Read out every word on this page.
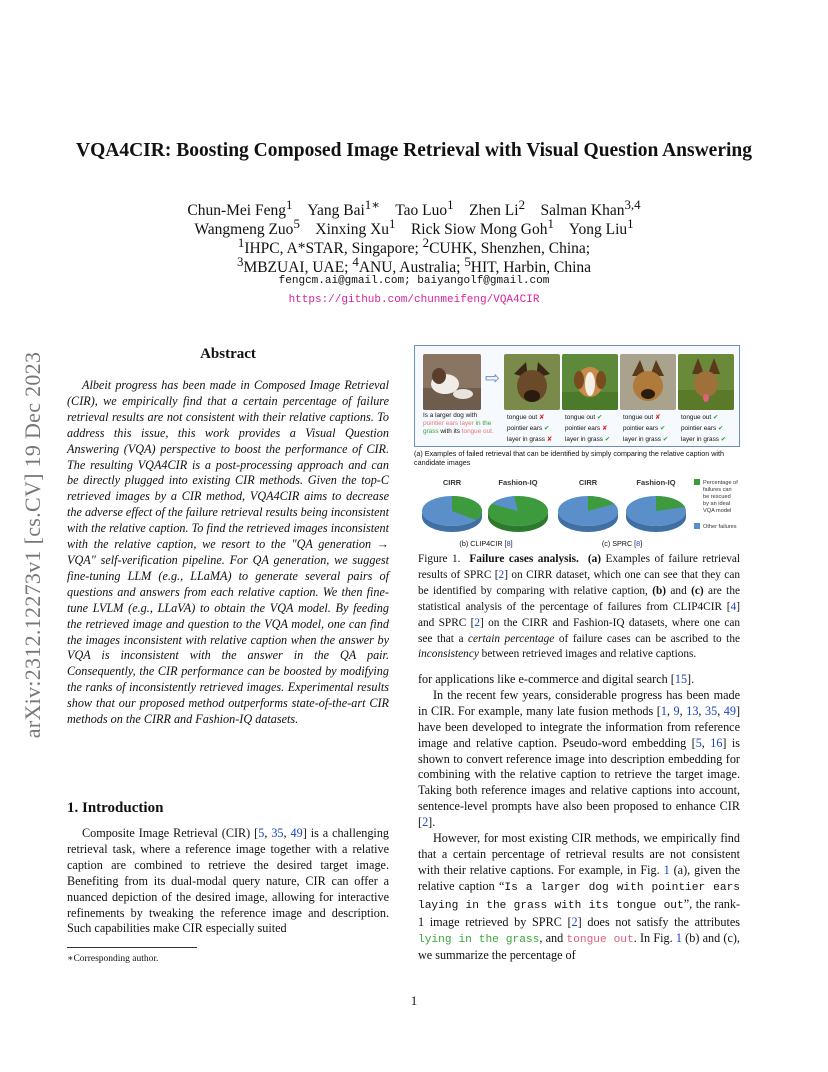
arXiv:2312.12273v1 [cs.CV] 19 Dec 2023
VQA4CIR: Boosting Composed Image Retrieval with Visual Question Answering
Chun-Mei Feng$^1$ Yang Bai$^{1∗}$ Tao Luo$^1$ Zhen Li$^2$ Salman Khan$^{3,4}$
Wangmeng Zuo$^5$ Xinxing Xu$^1$ Rick Siow Mong Goh$^1$ Yong Liu$^1$
$^1$IHPC, A*STAR, Singapore; $^2$CUHK, Shenzhen, China;
$^3$MBZUAI, UAE; $^4$ANU, Australia; $^5$HIT, Harbin, China
fengcm.ai@gmail.com; baiyangolf@gmail.com
https://github.com/chunmeifeng/VQA4CIR
Abstract

Albeit progress has been made in Composed Image Retrieval (CIR), we empirically find that a certain percentage of failure retrieval results are not consistent with their relative captions. To address this issue, this work provides a Visual Question Answering (VQA) perspective to boost the performance of CIR. The resulting VQA4CIR is a post-processing approach and can be directly plugged into existing CIR methods. Given the top-C retrieved images by a CIR method, VQA4CIR aims to decrease the adverse effect of the failure retrieval results being inconsistent with the relative caption. To find the retrieved images inconsistent with the relative caption, we resort to the "QA generation → VQA" self-verification pipeline. For QA generation, we suggest fine-tuning LLM (e.g., LLaMA) to generate several pairs of questions and answers from each relative caption. We then fine-tune LVLM (e.g., LLaVA) to obtain the VQA model. By feeding the retrieved image and question to the VQA model, one can find the images inconsistent with relative caption when the answer by VQA is inconsistent with the answer in the QA pair. Consequently, the CIR performance can be boosted by modifying the ranks of inconsistently retrieved images. Experimental results show that our proposed method outperforms state-of-the-art CIR methods on the CIRR and Fashion-IQ datasets.

1. Introduction

Composite Image Retrieval (CIR) [5, 35, 49] is a challenging retrieval task, where a reference image together with a relative caption are combined to retrieve the desired target image. Benefiting from its dual-modal query nature, CIR can offer a nuanced depiction of the desired image, allowing for interactive refinements by tweaking the reference image and description. Such capabilities make CIR especially suited

∗Corresponding author.
1
⇨
Is a larger dog with pointier ears layer in the grass with its tongue out.
tongue out ✘
pointier ears ✔
layer in grass ✘
tongue out ✔
pointier ears ✘
layer in grass ✔
tongue out ✘
pointier ears ✔
layer in grass ✔
tongue out ✔
pointier ears ✔
layer in grass ✔
(a) Examples of failed retrieval that can be identified by simply comparing the relative caption with candidate images
CIRR	Fashion-IQ	CIRR	Fashion-IQ	Percentage of
failures can
be rescued
by an ideal
VQA model
Other failures
(b) CLIP4CIR [8]	(c) SPRC [8]
Figure 1. Failure cases analysis. (a) Examples of failure retrieval results of SPRC [2] on CIRR dataset, which one can see that they can be identified by comparing with relative caption, (b) and (c) are the statistical analysis of the percentage of failures from CLIP4CIR [4] and SPRC [2] on the CIRR and Fashion-IQ datasets, where one can see that a certain percentage of failure cases can be ascribed to the inconsistency between retrieved images and relative captions.

for applications like e-commerce and digital search [15].

In the recent few years, considerable progress has been made in CIR. For example, many late fusion methods [1, 9, 13, 35, 49] have been developed to integrate the information from reference image and relative caption. Pseudo-word embedding [5, 16] is shown to convert reference image into description embedding for combining with the relative caption to retrieve the target image. Taking both reference images and relative captions into account, sentence-level prompts have also been proposed to enhance CIR [2].

However, for most existing CIR methods, we empirically find that a certain percentage of retrieval results are not consistent with their relative captions. For example, in Fig. 1 (a), given the relative caption “Is a larger dog with pointier ears laying in the grass with its tongue out”, the rank-1 image retrieved by SPRC [2] does not satisfy the attributes lying in the grass, and tongue out. In Fig. 1 (b) and (c), we summarize the percentage of
